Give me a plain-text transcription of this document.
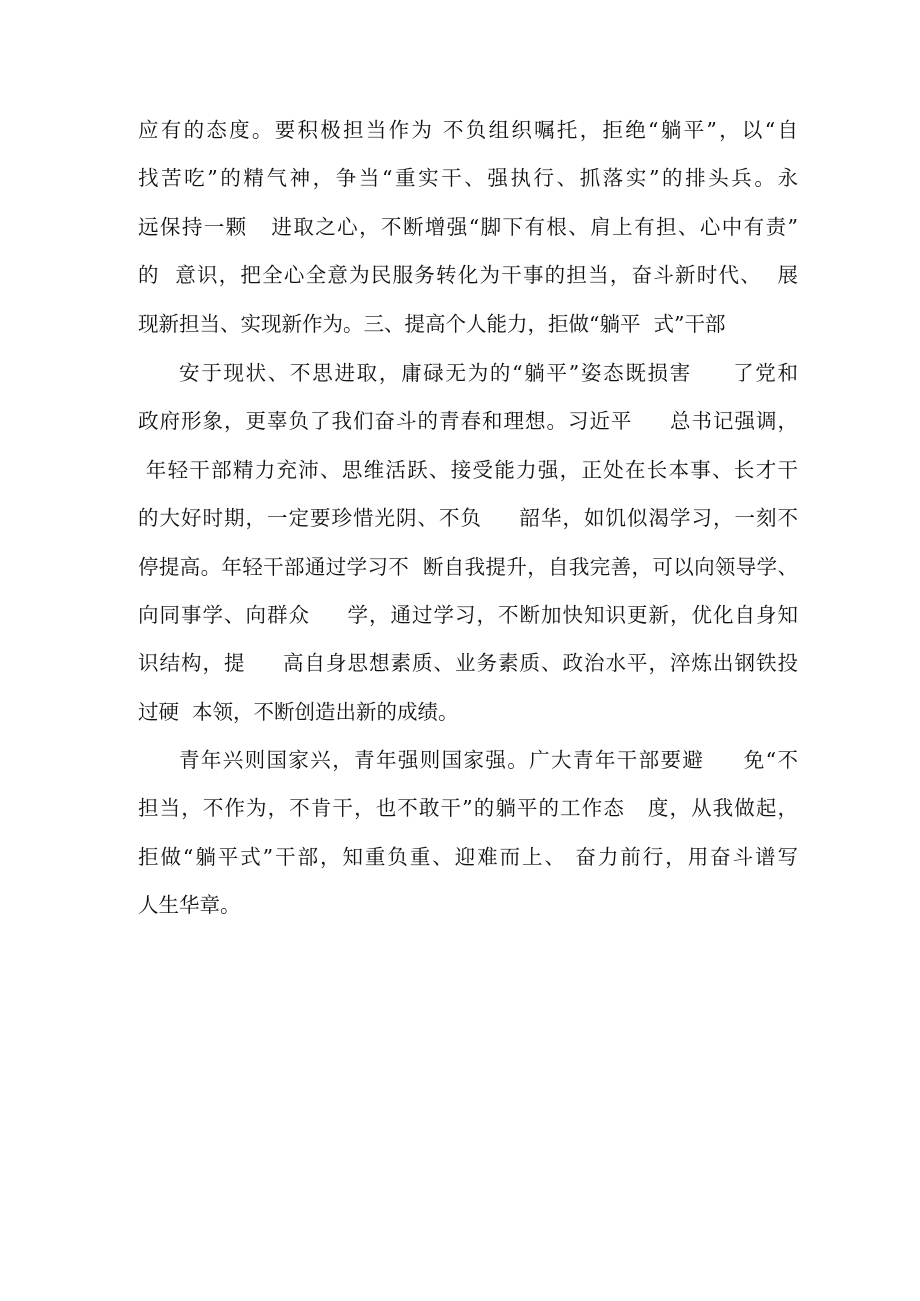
应有的态度。要积极担当作为 不负组织嘱托，拒绝“躺平”，以“自
找苦吃”的精气神，争当“重实干、强执行、抓落实”的排头兵。永
远保持一颗   进取之心，不断增强“脚下有根、肩上有担、心中有责”
的  意识，把全心全意为民服务转化为干事的担当，奋斗新时代、  展
现新担当、实现新作为。三、提高个人能力，拒做“躺平  式”干部
安于现状、不思进取，庸碌无为的“躺平”姿态既损害     了党和
政府形象，更辜负了我们奋斗的青春和理想。习近平     总书记强调，
年轻干部精力充沛、思维活跃、接受能力强，正处在长本事、长才干
的大好时期，一定要珍惜光阴、不负     韶华，如饥似渴学习，一刻不
停提高。年轻干部通过学习不  断自我提升，自我完善，可以向领导学、
向同事学、向群众     学，通过学习，不断加快知识更新，优化自身知
识结构，提     高自身思想素质、业务素质、政治水平，淬炼出钢铁投
过硬  本领，不断创造出新的成绩。
青年兴则国家兴，青年强则国家强。广大青年干部要避     免“不
担当，不作为，不肯干，也不敢干”的躺平的工作态   度，从我做起，
拒做“躺平式”干部，知重负重、迎难而上、 奋力前行，用奋斗谱写
人生华章。
